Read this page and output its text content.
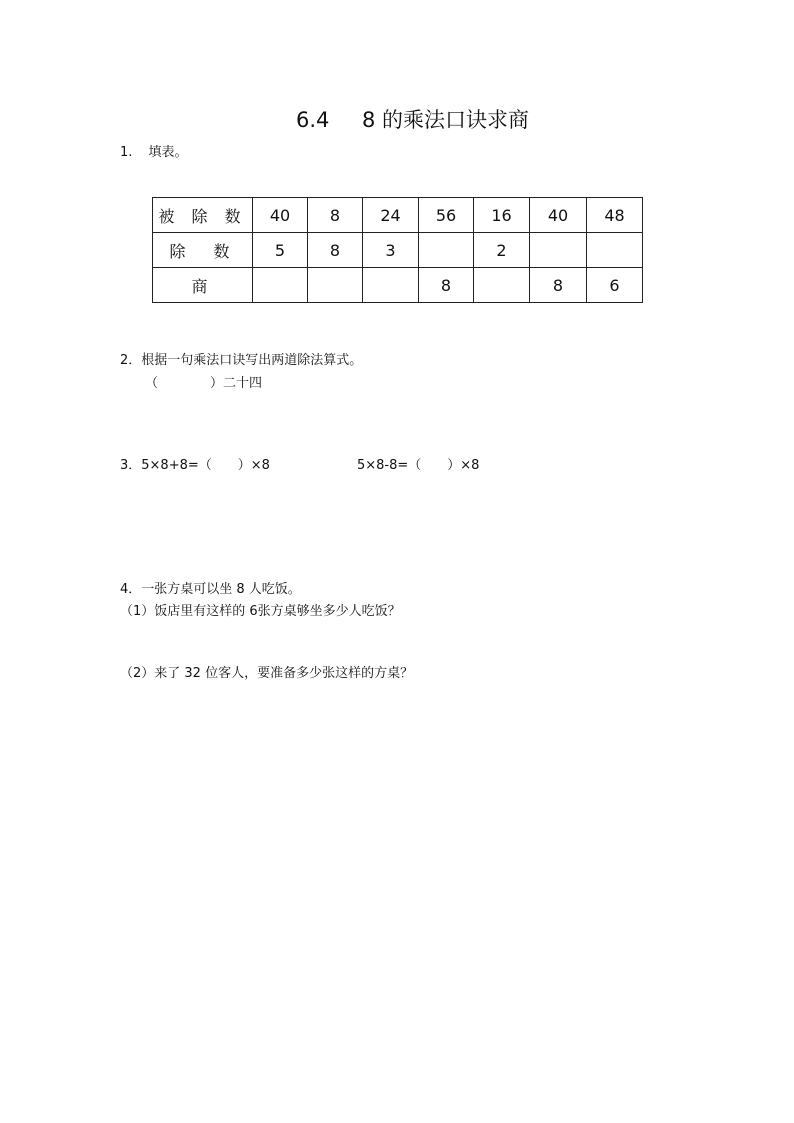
6.4 8 的乘法口诀求商
1. 填表。
被 除 数	40	8	24	56	16	40	48
除　数	5	8	3		2		
商				8		8	6
2．根据一句乘法口诀写出两道除法算式。
（　　　　）二十四
3．5×8+8=（　　）×8	5×8-8=（　　）×8
4．一张方桌可以坐 8 人吃饭。
（1）饭店里有这样的 6张方桌够坐多少人吃饭？
（2）来了 32 位客人，要准备多少张这样的方桌？
